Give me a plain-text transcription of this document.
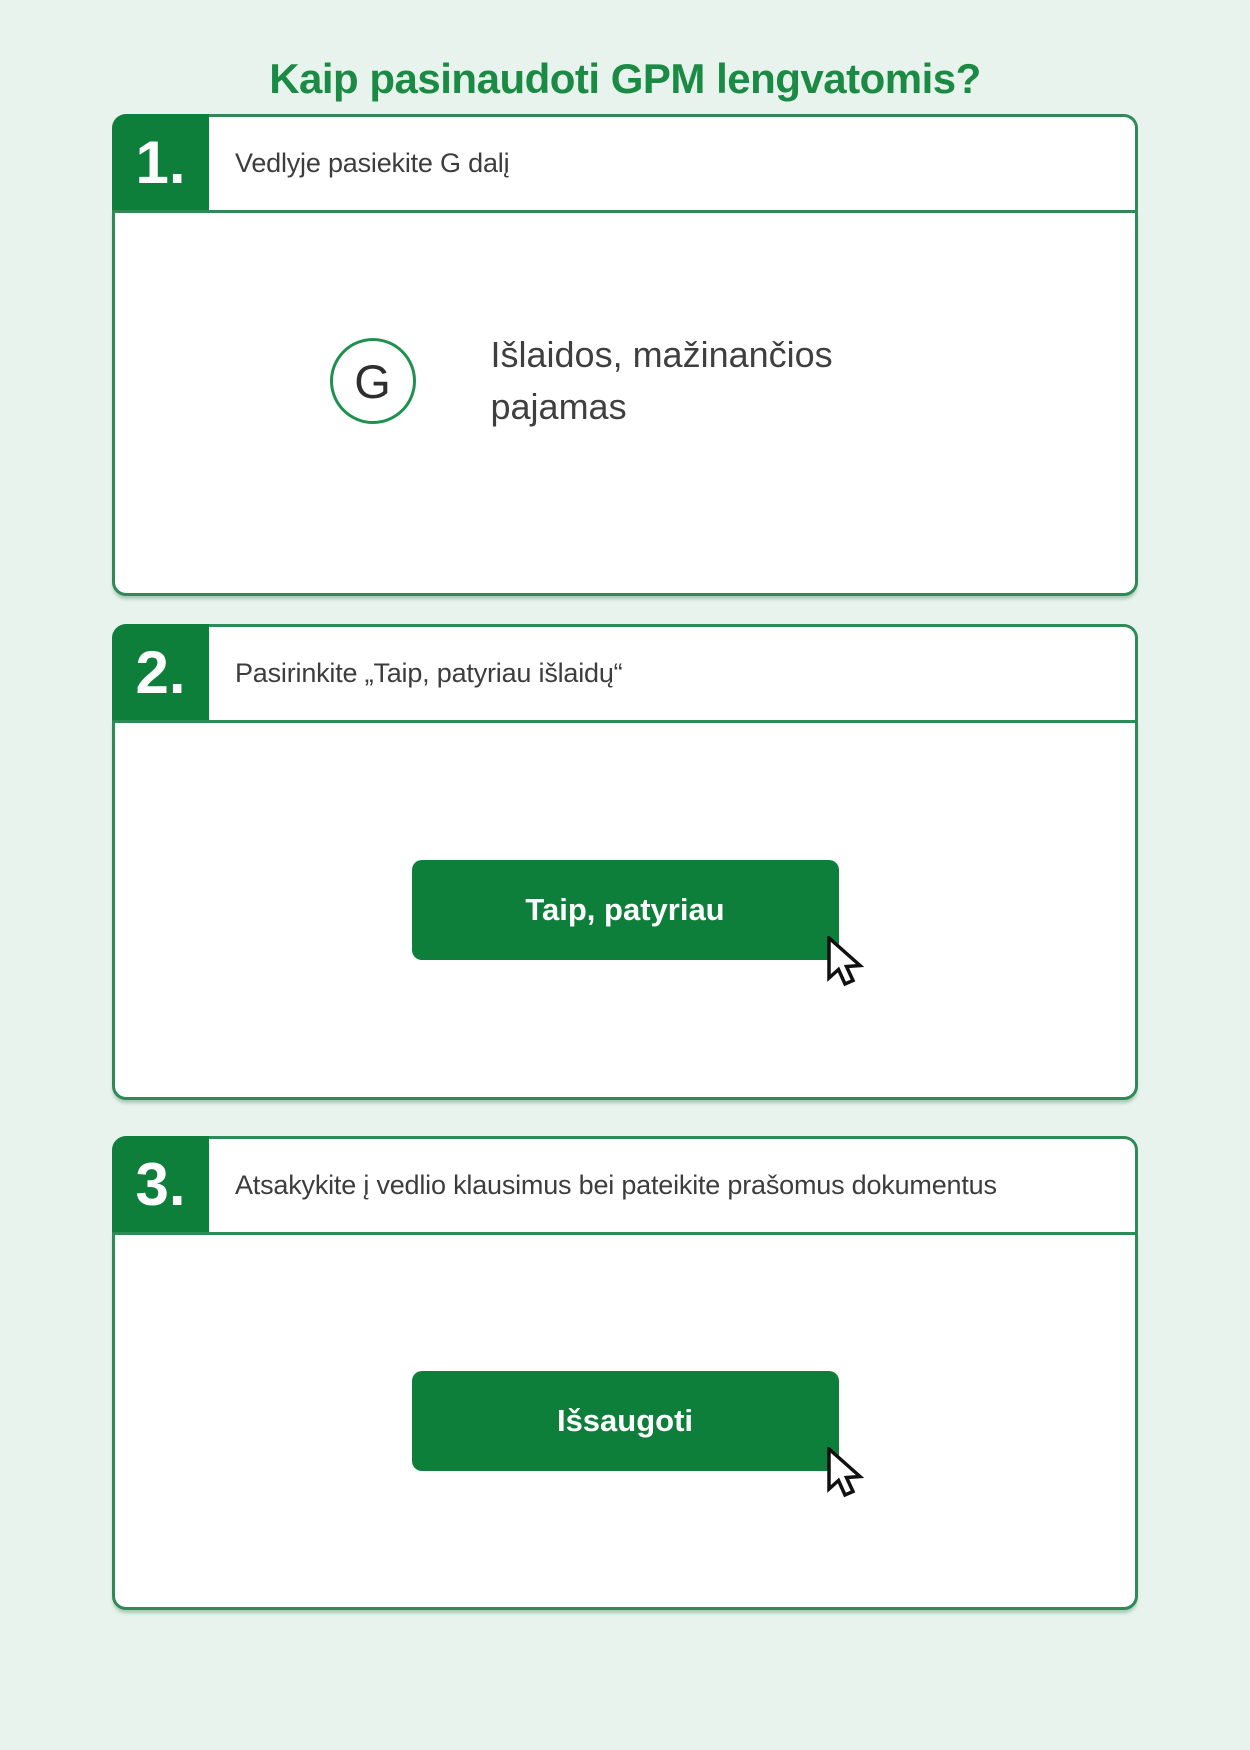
Kaip pasinaudoti GPM lengvatomis?
1.	Vedlyje pasiekite G dalį
G
Išlaidos, mažinančios pajamas
2.	Pasirinkite „Taip, patyriau išlaidų“
Taip, patyriau
3.	Atsakykite į vedlio klausimus bei pateikite prašomus dokumentus
Išsaugoti
